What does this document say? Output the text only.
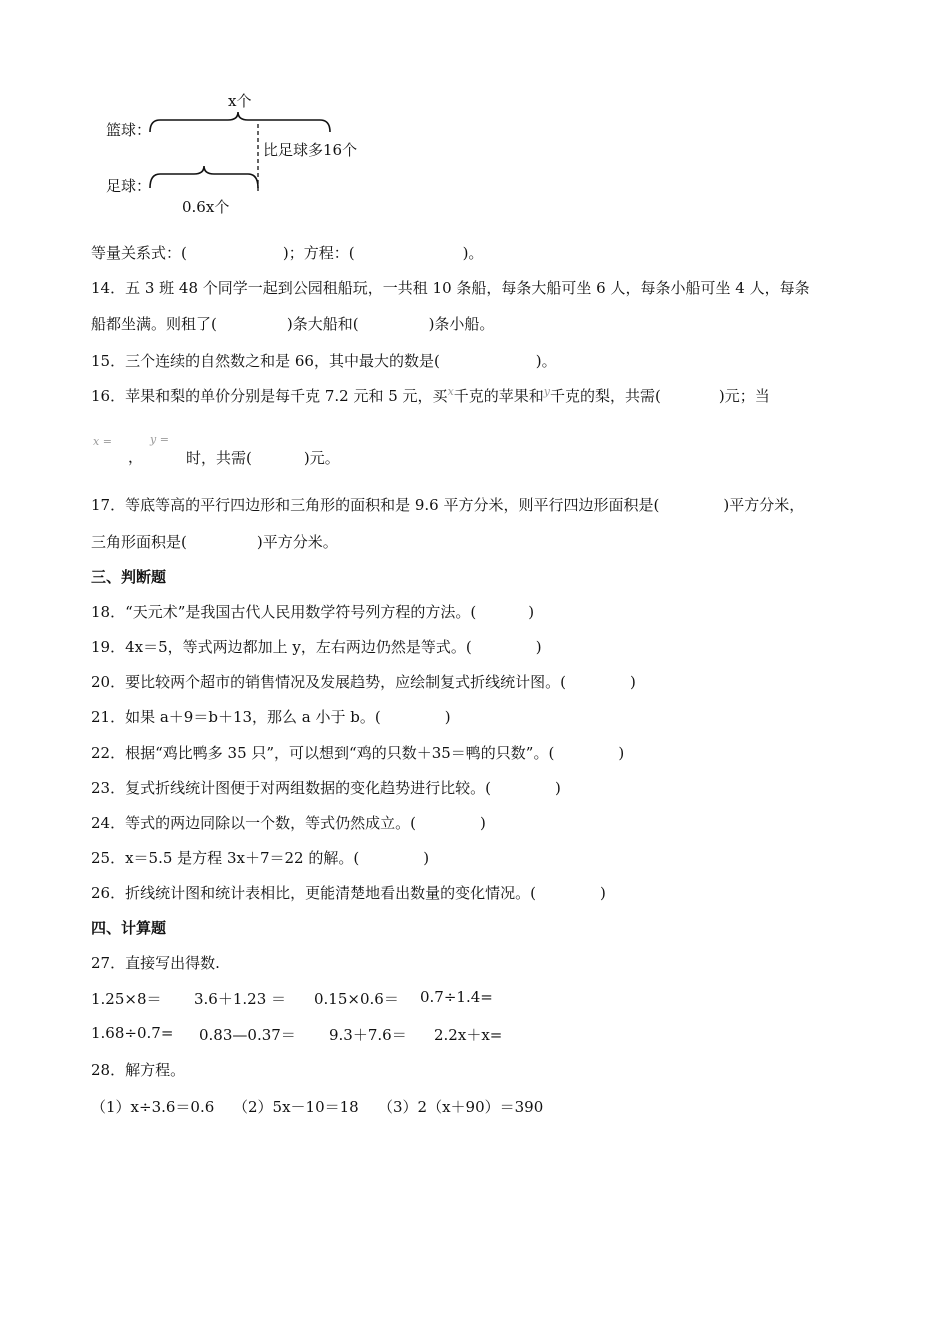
x个
篮球：
比足球多16个
足球：
0.6x个
等量关系式：(	)；方程：(	)。
14．五 3 班 48 个同学一起到公园租船玩，一共租 10 条船，每条大船可坐 6 人，每条小船可坐 4 人，每条
船都坐满。则租了(	)条大船和(	)条小船。
15．三个连续的自然数之和是 66，其中最大的数是(	)。
16．苹果和梨的单价分别是每千克 7.2 元和 5 元，买$^x$千克的苹果和$^y$千克的梨，共需(	)元；当
x =	y =
，	时，共需(	)元。
17．等底等高的平行四边形和三角形的面积和是 9.6 平方分米，则平行四边形面积是(	)平方分米，
三角形面积是(	)平方分米。
三、判断题
18．“天元术”是我国古代人民用数学符号列方程的方法。(	)
19．4x＝5，等式两边都加上 y，左右两边仍然是等式。(	)
20．要比较两个超市的销售情况及发展趋势，应绘制复式折线统计图。(	)
21．如果 a＋9＝b＋13，那么 a 小于 b。(	)
22．根据“鸡比鸭多 35 只”，可以想到“鸡的只数＋35＝鸭的只数”。(	)
23．复式折线统计图便于对两组数据的变化趋势进行比较。(	)
24．等式的两边同除以一个数，等式仍然成立。(	)
25．x＝5.5 是方程 3x＋7＝22 的解。(	)
26．折线统计图和统计表相比，更能清楚地看出数量的变化情况。(	)
四、计算题
27．直接写出得数.
1.25×8＝ 3.6＋1.23 ＝ 0.15×0.6＝ 0.7÷1.4=
1.68÷0.7= 0.83—0.37＝ 9.3＋7.6＝ 2.2x＋x=
28．解方程。
（1）x÷3.6＝0.6 （2）5x－10＝18 （3）2（x＋90）＝390
